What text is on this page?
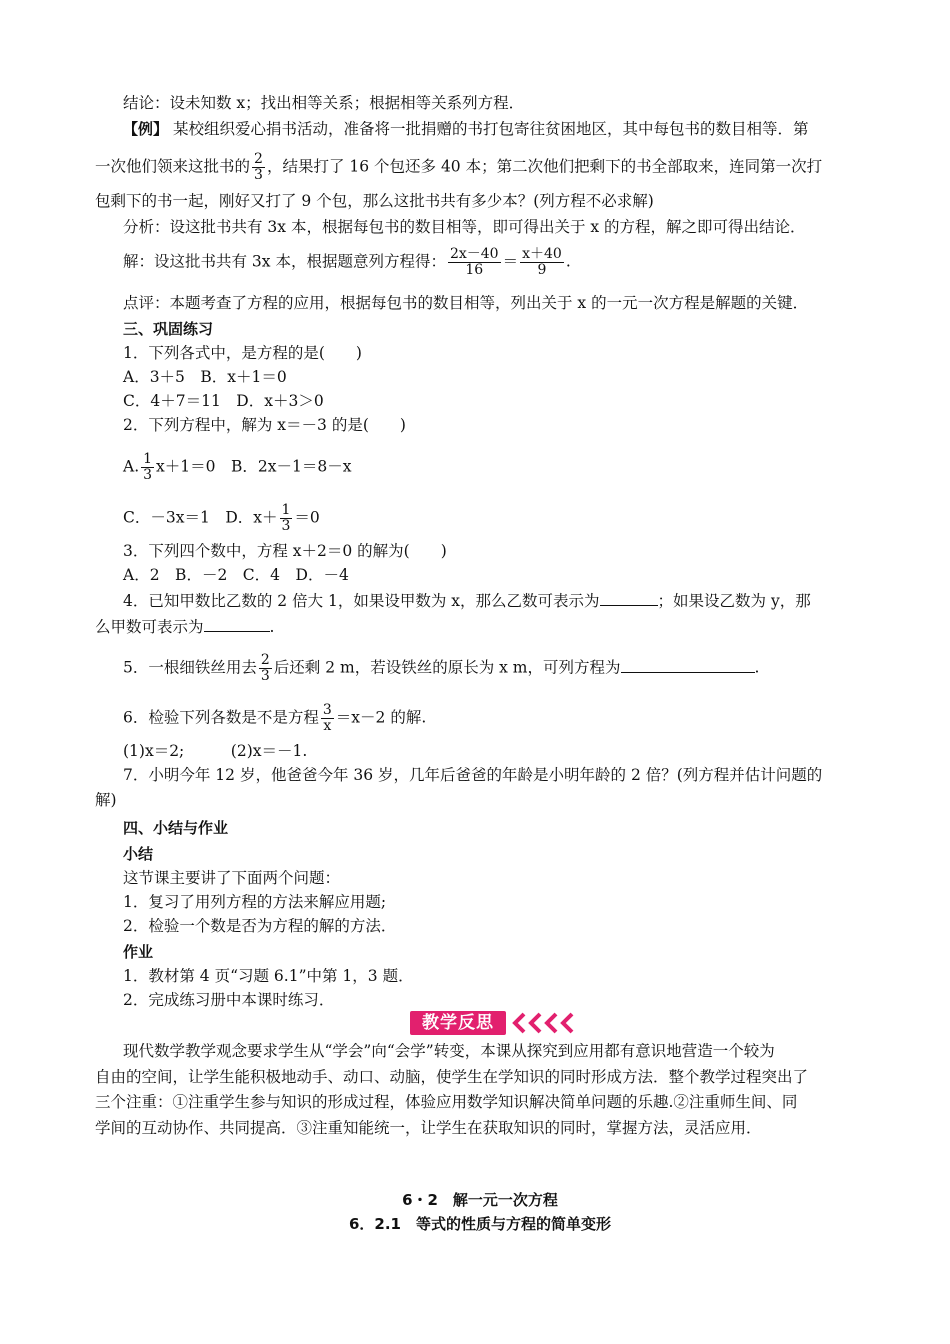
结论：设未知数 x；找出相等关系；根据相等关系列方程．
【例】 某校组织爱心捐书活动，准备将一批捐赠的书打包寄往贫困地区，其中每包书的数目相等．第
一次他们领来这批书的 $\frac{2}{3}$ ，结果打了 16 个包还多 40 本；第二次他们把剩下的书全部取来，连同第一次打
包剩下的书一起，刚好又打了 9 个包，那么这批书共有多少本？(列方程不必求解)
分析：设这批书共有 3x 本，根据每包书的数目相等，即可得出关于 x 的方程，解之即可得出结论．
解：设这批书共有 3x 本，根据题意列方程得： $\frac{2x-40}{16} = \frac{x+40}{9}$ .
点评：本题考查了方程的应用，根据每包书的数目相等，列出关于 x 的一元一次方程是解题的关键．
三、巩固练习
1．下列各式中，是方程的是(　　)
A．3＋5　B．x＋1＝0
C．4＋7＝11　D．x＋3＞0
2．下列方程中，解为 x＝－3 的是(　　)
A. $\frac{1}{3} x+1=0$　B．2x－1＝8－x
C．－3x＝1　D．$x+ \frac{1}{3} =0$
3．下列四个数中，方程 x＋2＝0 的解为(　　)
A．2　B．－2　C．4　D．－4
4．已知甲数比乙数的 2 倍大 1，如果设甲数为 x，那么乙数可表示为	；如果设乙数为 y，那
么甲数可表示为	.
5．一根细铁丝用去 $\frac{2}{3}$ 后还剩 2 m，若设铁丝的原长为 x m，可列方程为	.
6．检验下列各数是不是方程 $\frac{3}{x} =x-2$ 的解.
(1)x＝2;　　　(2)x＝－1.
7．小明今年 12 岁，他爸爸今年 36 岁，几年后爸爸的年龄是小明年龄的 2 倍？(列方程并估计问题的
解)
四、小结与作业
小结
这节课主要讲了下面两个问题：
1．复习了用列方程的方法来解应用题;
2．检验一个数是否为方程的解的方法．
作业
1．教材第 4 页“习题 6.1”中第 1，3 题．
2．完成练习册中本课时练习．
教学反思
现代数学教学观念要求学生从“学会”向“会学”转变，本课从探究到应用都有意识地营造一个较为
自由的空间，让学生能积极地动手、动口、动脑，使学生在学知识的同时形成方法．整个教学过程突出了
三个注重：①注重学生参与知识的形成过程，体验应用数学知识解决简单问题的乐趣.②注重师生间、同
学间的互动协作、共同提高．③注重知能统一，让学生在获取知识的同时，掌握方法，灵活应用．
6・2　解一元一次方程
6．2.1　等式的性质与方程的简单变形
